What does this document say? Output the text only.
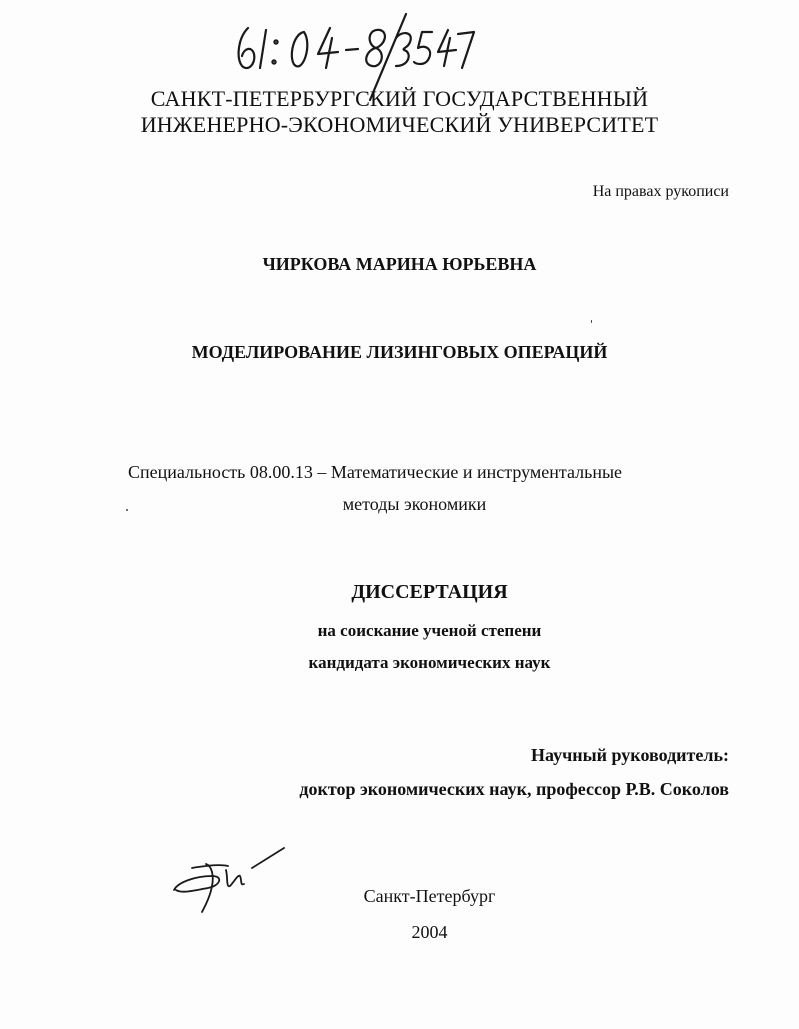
САНКТ-ПЕТЕРБУРГСКИЙ ГОСУДАРСТВЕННЫЙ
ИНЖЕНЕРНО-ЭКОНОМИЧЕСКИЙ УНИВЕРСИТЕТ
На правах рукописи
ЧИРКОВА МАРИНА ЮРЬЕВНА
МОДЕЛИРОВАНИЕ ЛИЗИНГОВЫХ ОПЕРАЦИЙ
Специальность 08.00.13 – Математические и инструментальные
методы экономики
ДИССЕРТАЦИЯ
на соискание ученой степени
кандидата экономических наук
Научный руководитель:
доктор экономических наук, профессор Р.В. Соколов
Санкт-Петербург
2004
